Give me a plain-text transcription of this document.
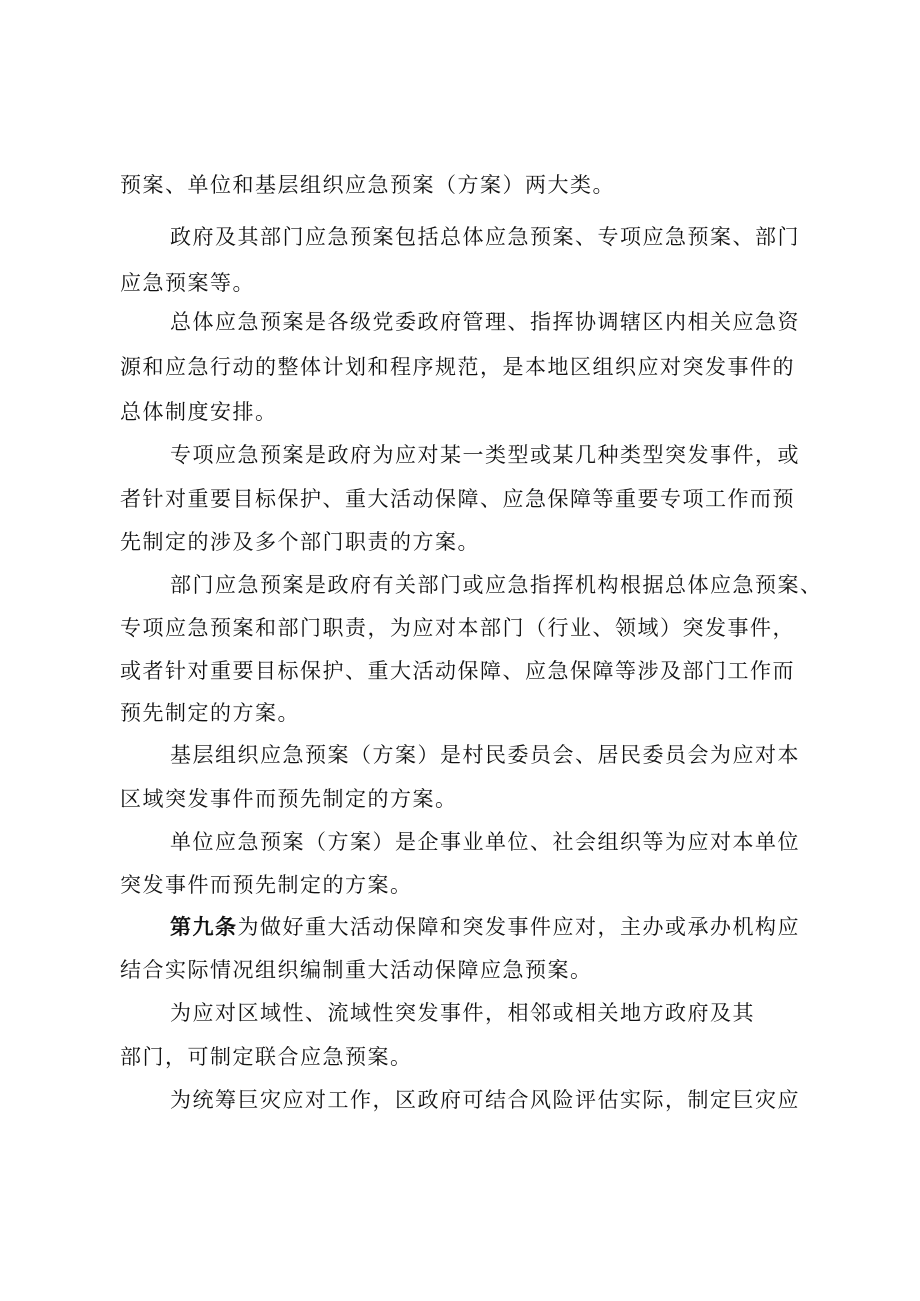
预案、单位和基层组织应急预案（方案）两大类。
政府及其部门应急预案包括总体应急预案、专项应急预案、部门
应急预案等。
总体应急预案是各级党委政府管理、指挥协调辖区内相关应急资
源和应急行动的整体计划和程序规范，是本地区组织应对突发事件的
总体制度安排。
专项应急预案是政府为应对某一类型或某几种类型突发事件，或
者针对重要目标保护、重大活动保障、应急保障等重要专项工作而预
先制定的涉及多个部门职责的方案。
部门应急预案是政府有关部门或应急指挥机构根据总体应急预案、
专项应急预案和部门职责，为应对本部门（行业、领域）突发事件，
或者针对重要目标保护、重大活动保障、应急保障等涉及部门工作而
预先制定的方案。
基层组织应急预案（方案）是村民委员会、居民委员会为应对本
区域突发事件而预先制定的方案。
单位应急预案（方案）是企事业单位、社会组织等为应对本单位
突发事件而预先制定的方案。
第九条为做好重大活动保障和突发事件应对，主办或承办机构应
结合实际情况组织编制重大活动保障应急预案。
为应对区域性、流域性突发事件，相邻或相关地方政府及其
部门，可制定联合应急预案。
为统筹巨灾应对工作，区政府可结合风险评估实际，制定巨灾应
